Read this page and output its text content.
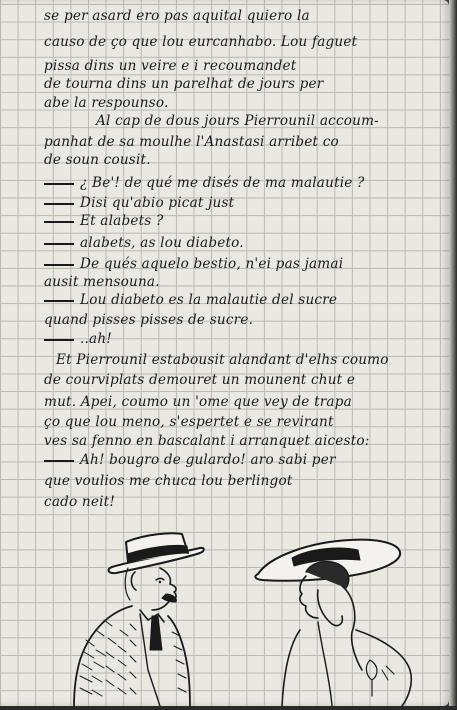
se per asard ero pas aquital quiero la
causo de ço que lou eurcanhabo. Lou faguet
pissa dins un veire e i recoumandet
de tourna dins un parelhat de jours per
abe la respounso.
Al cap de dous jours Pierrounil accoum-
panhat de sa moulhe l'Anastasi arribet co
de soun cousit.
¿ Be'! de qué me disés de ma malautie ?
Disi qu'abio picat just
Et alabets ?
alabets, as lou diabeto.
De qués aquelo bestio, n'ei pas jamai
ausit mensouna.
Lou diabeto es la malautie del sucre
quand pisses pisses de sucre.
..ah!
Et Pierrounil estabousit alandant d'elhs coumo
de courviplats demouret un mounent chut e
mut. Apei, coumo un 'ome que vey de trapa
ço que lou meno, s'espertet e se revirant
ves sa fenno en bascalant i arranquet aicesto:
Ah! bougro de gulardo! aro sabi per
que voulios me chuca lou berlingot
cado neit!
